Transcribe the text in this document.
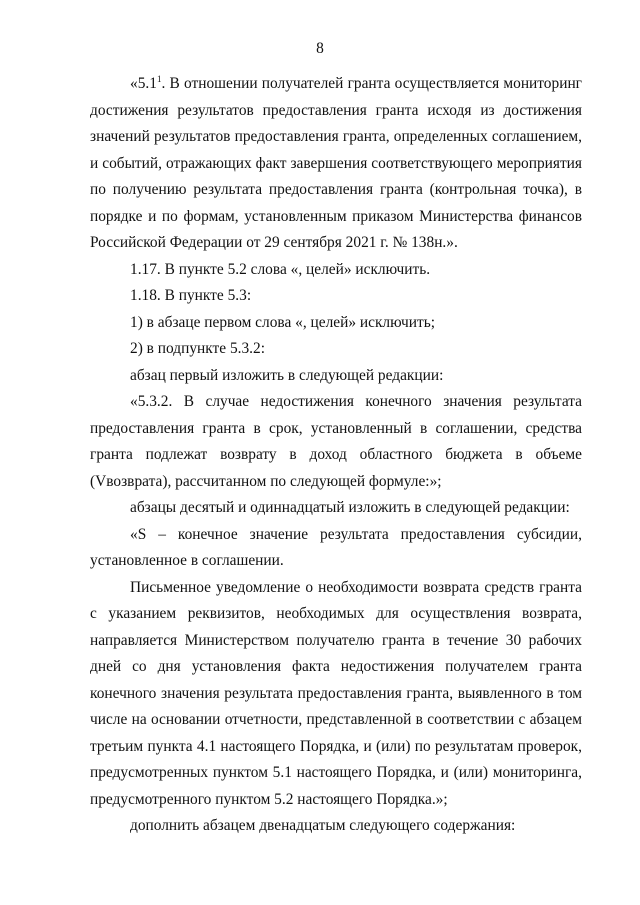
8

«$5.1^1$. В отношении получателей гранта осуществляется мониторинг достижения результатов предоставления гранта исходя из достижения значений результатов предоставления гранта, определенных соглашением, и событий, отражающих факт завершения соответствующего мероприятия по получению результата предоставления гранта (контрольная точка), в порядке и по формам, установленным приказом Министерства финансов Российской Федерации от 29 сентября 2021 г. № 138н.».

1.17. В пункте 5.2 слова «, целей» исключить.

1.18. В пункте 5.3:

1) в абзаце первом слова «, целей» исключить;

2) в подпункте 5.3.2:

абзац первый изложить в следующей редакции:

«5.3.2. В случае недостижения конечного значения результата предоставления гранта в срок, установленный в соглашении, средства гранта подлежат возврату в доход областного бюджета в объеме (Vвозврата), рассчитанном по следующей формуле:»;

абзацы десятый и одиннадцатый изложить в следующей редакции:

«S – конечное значение результата предоставления субсидии, установленное в соглашении.

Письменное уведомление о необходимости возврата средств гранта с указанием реквизитов, необходимых для осуществления возврата, направляется Министерством получателю гранта в течение 30 рабочих дней со дня установления факта недостижения получателем гранта конечного значения результата предоставления гранта, выявленного в том числе на основании отчетности, представленной в соответствии с абзацем третьим пункта 4.1 настоящего Порядка, и (или) по результатам проверок, предусмотренных пунктом 5.1 настоящего Порядка, и (или) мониторинга, предусмотренного пунктом 5.2 настоящего Порядка.»;

дополнить абзацем двенадцатым следующего содержания:
